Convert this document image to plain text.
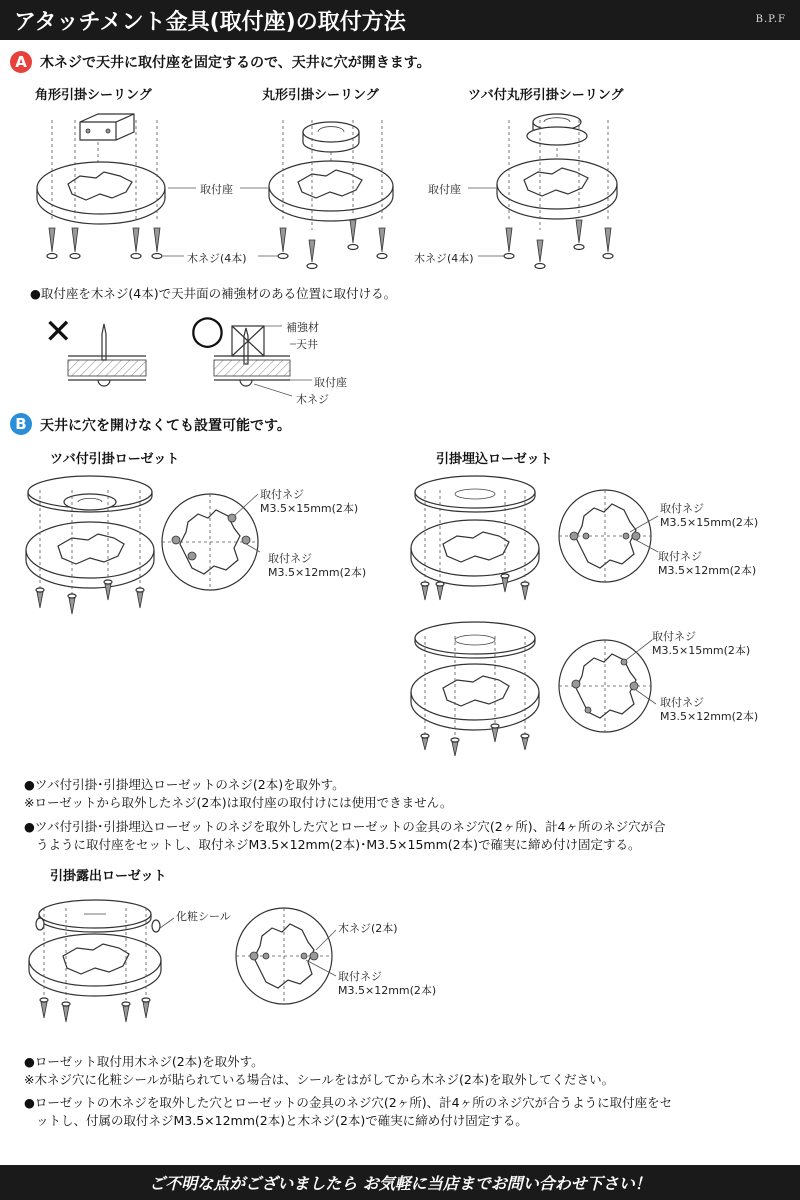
アタッチメント金具(取付座)の取付方法	B.P.F
A 木ネジで天井に取付座を固定するので、天井に穴が開きます。
角形引掛シーリング	丸形引掛シーリング	ツバ付丸形引掛シーリング
取付座	取付座
木ネジ(4本)	木ネジ(4本)
●取付座を木ネジ(4本)で天井面の補強材のある位置に取付ける。
✕	○	補強材
天井
取付座
木ネジ
B 天井に穴を開けなくても設置可能です。
ツバ付引掛ローゼット	引掛埋込ローゼット
取付ネジ
M3.5×15mm(2本)
取付ネジ
M3.5×12mm(2本)
取付ネジ
M3.5×15mm(2本)
取付ネジ
M3.5×12mm(2本)
取付ネジ
M3.5×15mm(2本)
取付ネジ
M3.5×12mm(2本)
●ツバ付引掛･引掛埋込ローゼットのネジ(2本)を取外す。
※ローゼットから取外したネジ(2本)は取付座の取付けには使用できません。
●ツバ付引掛･引掛埋込ローゼットのネジを取外した穴とローゼットの金具のネジ穴(2ヶ所)、計4ヶ所のネジ穴が合
うように取付座をセットし、取付ネジM3.5×12mm(2本)･M3.5×15mm(2本)で確実に締め付け固定する。
引掛露出ローゼット
化粧シール
木ネジ(2本)
取付ネジ
M3.5×12mm(2本)
●ローゼット取付用木ネジ(2本)を取外す。
※木ネジ穴に化粧シールが貼られている場合は、シールをはがしてから木ネジ(2本)を取外してください。
●ローゼットの木ネジを取外した穴とローゼットの金具のネジ穴(2ヶ所)、計4ヶ所のネジ穴が合うように取付座をセ
ットし、付属の取付ネジM3.5×12mm(2本)と木ネジ(2本)で確実に締め付け固定する。
ご不明な点がございましたら お気軽に当店までお問い合わせ下さい！
